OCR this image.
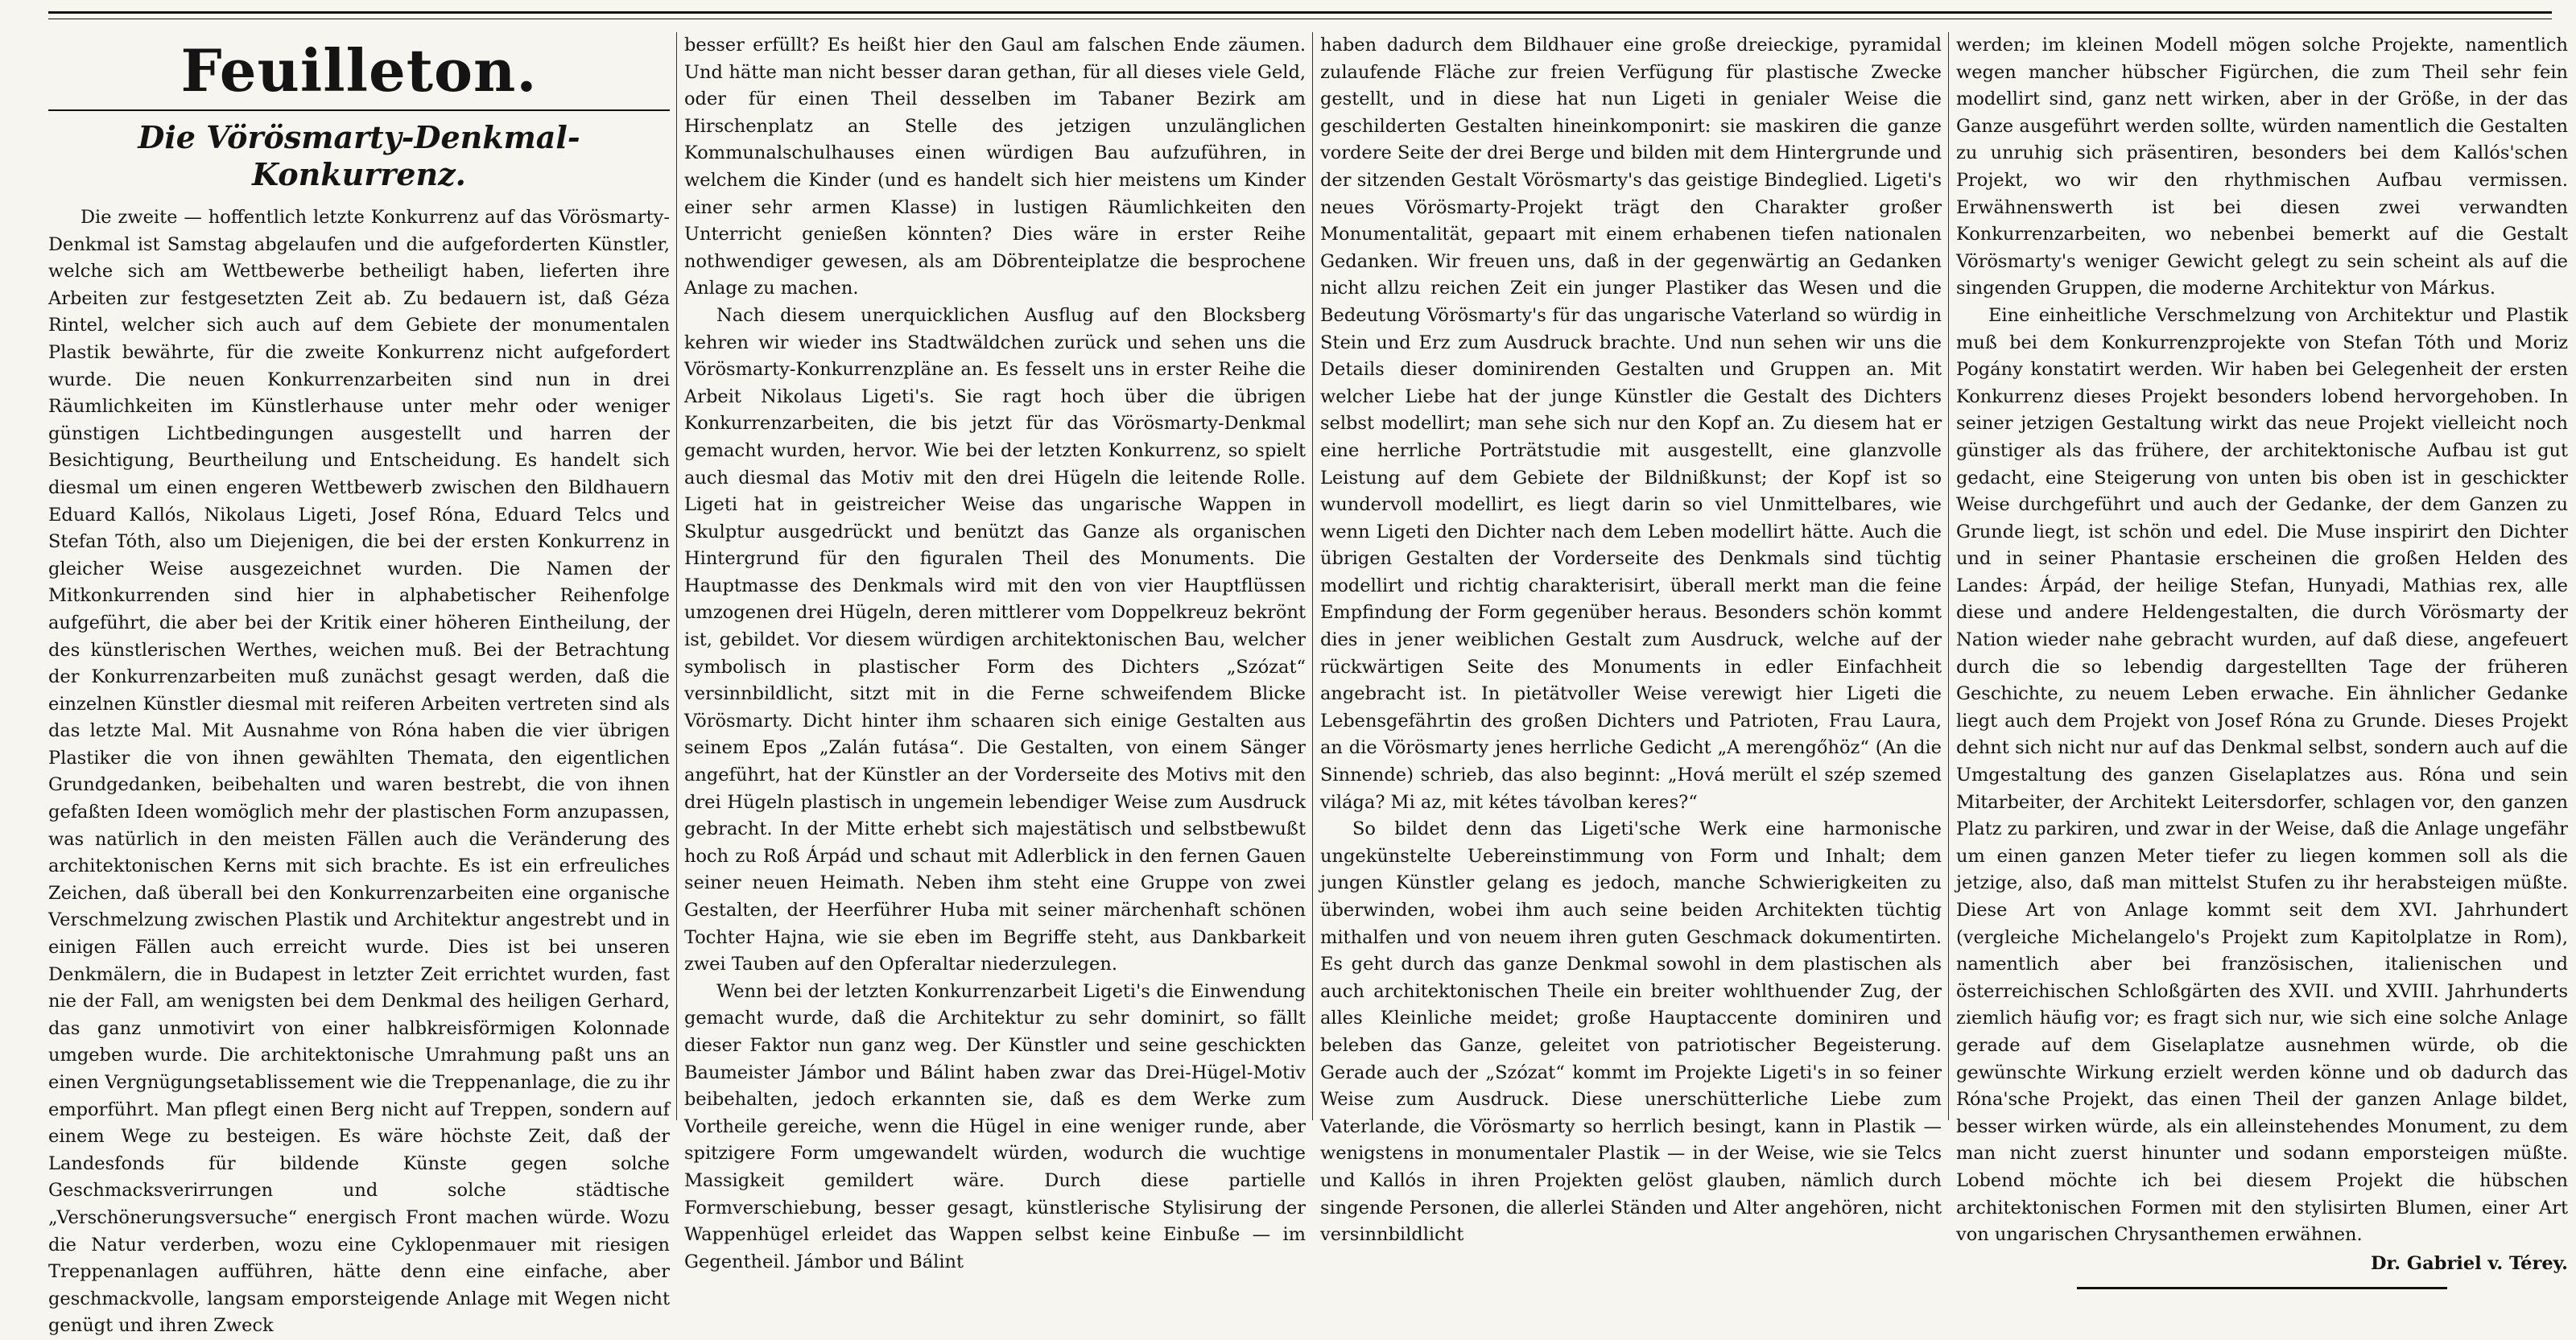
Feuilleton.
Die Vörösmarty-Denkmal-Konkurrenz.

Die zweite — hoffentlich letzte Konkurrenz auf das Vörösmarty-Denkmal ist Samstag abgelaufen und die aufgeforderten Künstler, welche sich am Wettbewerbe betheiligt haben, lieferten ihre Arbeiten zur festgesetzten Zeit ab. Zu bedauern ist, daß Géza Rintel, welcher sich auch auf dem Gebiete der monumentalen Plastik bewährte, für die zweite Konkurrenz nicht aufgefordert wurde. Die neuen Konkurrenzarbeiten sind nun in drei Räumlichkeiten im Künstlerhause unter mehr oder weniger günstigen Lichtbedingungen ausgestellt und harren der Besichtigung, Beurtheilung und Entscheidung. Es handelt sich diesmal um einen engeren Wettbewerb zwischen den Bildhauern Eduard Kallós, Nikolaus Ligeti, Josef Róna, Eduard Telcs und Stefan Tóth, also um Diejenigen, die bei der ersten Konkurrenz in gleicher Weise ausgezeichnet wurden. Die Namen der Mitkonkurrenden sind hier in alphabetischer Reihenfolge aufgeführt, die aber bei der Kritik einer höheren Eintheilung, der des künstlerischen Werthes, weichen muß. Bei der Betrachtung der Konkurrenzarbeiten muß zunächst gesagt werden, daß die einzelnen Künstler diesmal mit reiferen Arbeiten vertreten sind als das letzte Mal. Mit Ausnahme von Róna haben die vier übrigen Plastiker die von ihnen gewählten Themata, den eigentlichen Grundgedanken, beibehalten und waren bestrebt, die von ihnen gefaßten Ideen womöglich mehr der plastischen Form anzupassen, was natürlich in den meisten Fällen auch die Veränderung des architektonischen Kerns mit sich brachte. Es ist ein erfreuliches Zeichen, daß überall bei den Konkurrenzarbeiten eine organische Verschmelzung zwischen Plastik und Architektur angestrebt und in einigen Fällen auch erreicht wurde. Dies ist bei unseren Denkmälern, die in Budapest in letzter Zeit errichtet wurden, fast nie der Fall, am wenigsten bei dem Denkmal des heiligen Gerhard, das ganz unmotivirt von einer halbkreisförmigen Kolonnade umgeben wurde. Die architektonische Umrahmung paßt uns an einen Vergnügungsetablissement wie die Treppenanlage, die zu ihr emporführt. Man pflegt einen Berg nicht auf Treppen, sondern auf einem Wege zu besteigen. Es wäre höchste Zeit, daß der Landesfonds für bildende Künste gegen solche Geschmacksverirrungen und solche städtische „Verschönerungsversuche“ energisch Front machen würde. Wozu die Natur verderben, wozu eine Cyklopenmauer mit riesigen Treppenanlagen aufführen, hätte denn eine einfache, aber geschmackvolle, langsam emporsteigende Anlage mit Wegen nicht genügt und ihren Zweck

besser erfüllt? Es heißt hier den Gaul am falschen Ende zäumen. Und hätte man nicht besser daran gethan, für all dieses viele Geld, oder für einen Theil desselben im Tabaner Bezirk am Hirschenplatz an Stelle des jetzigen unzulänglichen Kommunalschulhauses einen würdigen Bau aufzuführen, in welchem die Kinder (und es handelt sich hier meistens um Kinder einer sehr armen Klasse) in lustigen Räumlichkeiten den Unterricht genießen könnten? Dies wäre in erster Reihe nothwendiger gewesen, als am Döbrenteiplatze die besprochene Anlage zu machen.

Nach diesem unerquicklichen Ausflug auf den Blocksberg kehren wir wieder ins Stadtwäldchen zurück und sehen uns die Vörösmarty-Konkurrenzpläne an. Es fesselt uns in erster Reihe die Arbeit Nikolaus Ligeti's. Sie ragt hoch über die übrigen Konkurrenzarbeiten, die bis jetzt für das Vörösmarty-Denkmal gemacht wurden, hervor. Wie bei der letzten Konkurrenz, so spielt auch diesmal das Motiv mit den drei Hügeln die leitende Rolle. Ligeti hat in geistreicher Weise das ungarische Wappen in Skulptur ausgedrückt und benützt das Ganze als organischen Hintergrund für den figuralen Theil des Monuments. Die Hauptmasse des Denkmals wird mit den von vier Hauptflüssen umzogenen drei Hügeln, deren mittlerer vom Doppelkreuz bekrönt ist, gebildet. Vor diesem würdigen architektonischen Bau, welcher symbolisch in plastischer Form des Dichters „Szózat“ versinnbildlicht, sitzt mit in die Ferne schweifendem Blicke Vörösmarty. Dicht hinter ihm schaaren sich einige Gestalten aus seinem Epos „Zalán futása“. Die Gestalten, von einem Sänger angeführt, hat der Künstler an der Vorderseite des Motivs mit den drei Hügeln plastisch in ungemein lebendiger Weise zum Ausdruck gebracht. In der Mitte erhebt sich majestätisch und selbstbewußt hoch zu Roß Árpád und schaut mit Adlerblick in den fernen Gauen seiner neuen Heimath. Neben ihm steht eine Gruppe von zwei Gestalten, der Heerführer Huba mit seiner märchenhaft schönen Tochter Hajna, wie sie eben im Begriffe steht, aus Dankbarkeit zwei Tauben auf den Opferaltar niederzulegen.

Wenn bei der letzten Konkurrenzarbeit Ligeti's die Einwendung gemacht wurde, daß die Architektur zu sehr dominirt, so fällt dieser Faktor nun ganz weg. Der Künstler und seine geschickten Baumeister Jámbor und Bálint haben zwar das Drei-Hügel-Motiv beibehalten, jedoch erkannten sie, daß es dem Werke zum Vortheile gereiche, wenn die Hügel in eine weniger runde, aber spitzigere Form umgewandelt würden, wodurch die wuchtige Massigkeit gemildert wäre. Durch diese partielle Formverschiebung, besser gesagt, künstlerische Stylisirung der Wappenhügel erleidet das Wappen selbst keine Einbuße — im Gegentheil. Jámbor und Bálint

haben dadurch dem Bildhauer eine große dreieckige, pyramidal zulaufende Fläche zur freien Verfügung für plastische Zwecke gestellt, und in diese hat nun Ligeti in genialer Weise die geschilderten Gestalten hineinkomponirt: sie maskiren die ganze vordere Seite der drei Berge und bilden mit dem Hintergrunde und der sitzenden Gestalt Vörösmarty's das geistige Bindeglied. Ligeti's neues Vörösmarty-Projekt trägt den Charakter großer Monumentalität, gepaart mit einem erhabenen tiefen nationalen Gedanken. Wir freuen uns, daß in der gegenwärtig an Gedanken nicht allzu reichen Zeit ein junger Plastiker das Wesen und die Bedeutung Vörösmarty's für das ungarische Vaterland so würdig in Stein und Erz zum Ausdruck brachte. Und nun sehen wir uns die Details dieser dominirenden Gestalten und Gruppen an. Mit welcher Liebe hat der junge Künstler die Gestalt des Dichters selbst modellirt; man sehe sich nur den Kopf an. Zu diesem hat er eine herrliche Porträtstudie mit ausgestellt, eine glanzvolle Leistung auf dem Gebiete der Bildnißkunst; der Kopf ist so wundervoll modellirt, es liegt darin so viel Unmittelbares, wie wenn Ligeti den Dichter nach dem Leben modellirt hätte. Auch die übrigen Gestalten der Vorderseite des Denkmals sind tüchtig modellirt und richtig charakterisirt, überall merkt man die feine Empfindung der Form gegenüber heraus. Besonders schön kommt dies in jener weiblichen Gestalt zum Ausdruck, welche auf der rückwärtigen Seite des Monuments in edler Einfachheit angebracht ist. In pietätvoller Weise verewigt hier Ligeti die Lebensgefährtin des großen Dichters und Patrioten, Frau Laura, an die Vörösmarty jenes herrliche Gedicht „A merengőhöz“ (An die Sinnende) schrieb, das also beginnt: „Hová merült el szép szemed világa? Mi az, mit kétes távolban keres?“

So bildet denn das Ligeti'sche Werk eine harmonische ungekünstelte Uebereinstimmung von Form und Inhalt; dem jungen Künstler gelang es jedoch, manche Schwierigkeiten zu überwinden, wobei ihm auch seine beiden Architekten tüchtig mithalfen und von neuem ihren guten Geschmack dokumentirten. Es geht durch das ganze Denkmal sowohl in dem plastischen als auch architektonischen Theile ein breiter wohlthuender Zug, der alles Kleinliche meidet; große Hauptaccente dominiren und beleben das Ganze, geleitet von patriotischer Begeisterung. Gerade auch der „Szózat“ kommt im Projekte Ligeti's in so feiner Weise zum Ausdruck. Diese unerschütterliche Liebe zum Vaterlande, die Vörösmarty so herrlich besingt, kann in Plastik — wenigstens in monumentaler Plastik — in der Weise, wie sie Telcs und Kallós in ihren Projekten gelöst glauben, nämlich durch singende Personen, die allerlei Ständen und Alter angehören, nicht versinnbildlicht

werden; im kleinen Modell mögen solche Projekte, namentlich wegen mancher hübscher Figürchen, die zum Theil sehr fein modellirt sind, ganz nett wirken, aber in der Größe, in der das Ganze ausgeführt werden sollte, würden namentlich die Gestalten zu unruhig sich präsentiren, besonders bei dem Kallós'schen Projekt, wo wir den rhythmischen Aufbau vermissen. Erwähnenswerth ist bei diesen zwei verwandten Konkurrenzarbeiten, wo nebenbei bemerkt auf die Gestalt Vörösmarty's weniger Gewicht gelegt zu sein scheint als auf die singenden Gruppen, die moderne Architektur von Márkus.

Eine einheitliche Verschmelzung von Architektur und Plastik muß bei dem Konkurrenzprojekte von Stefan Tóth und Moriz Pogány konstatirt werden. Wir haben bei Gelegenheit der ersten Konkurrenz dieses Projekt besonders lobend hervorgehoben. In seiner jetzigen Gestaltung wirkt das neue Projekt vielleicht noch günstiger als das frühere, der architektonische Aufbau ist gut gedacht, eine Steigerung von unten bis oben ist in geschickter Weise durchgeführt und auch der Gedanke, der dem Ganzen zu Grunde liegt, ist schön und edel. Die Muse inspirirt den Dichter und in seiner Phantasie erscheinen die großen Helden des Landes: Árpád, der heilige Stefan, Hunyadi, Mathias rex, alle diese und andere Heldengestalten, die durch Vörösmarty der Nation wieder nahe gebracht wurden, auf daß diese, angefeuert durch die so lebendig dargestellten Tage der früheren Geschichte, zu neuem Leben erwache. Ein ähnlicher Gedanke liegt auch dem Projekt von Josef Róna zu Grunde. Dieses Projekt dehnt sich nicht nur auf das Denkmal selbst, sondern auch auf die Umgestaltung des ganzen Giselaplatzes aus. Róna und sein Mitarbeiter, der Architekt Leitersdorfer, schlagen vor, den ganzen Platz zu parkiren, und zwar in der Weise, daß die Anlage ungefähr um einen ganzen Meter tiefer zu liegen kommen soll als die jetzige, also, daß man mittelst Stufen zu ihr herabsteigen müßte. Diese Art von Anlage kommt seit dem XVI. Jahrhundert (vergleiche Michelangelo's Projekt zum Kapitolplatze in Rom), namentlich aber bei französischen, italienischen und österreichischen Schloßgärten des XVII. und XVIII. Jahrhunderts ziemlich häufig vor; es fragt sich nur, wie sich eine solche Anlage gerade auf dem Giselaplatze ausnehmen würde, ob die gewünschte Wirkung erzielt werden könne und ob dadurch das Róna'sche Projekt, das einen Theil der ganzen Anlage bildet, besser wirken würde, als ein alleinstehendes Monument, zu dem man nicht zuerst hinunter und sodann emporsteigen müßte. Lobend möchte ich bei diesem Projekt die hübschen architektonischen Formen mit den stylisirten Blumen, einer Art von ungarischen Chrysanthemen erwähnen.

Dr. Gabriel v. Térey.
